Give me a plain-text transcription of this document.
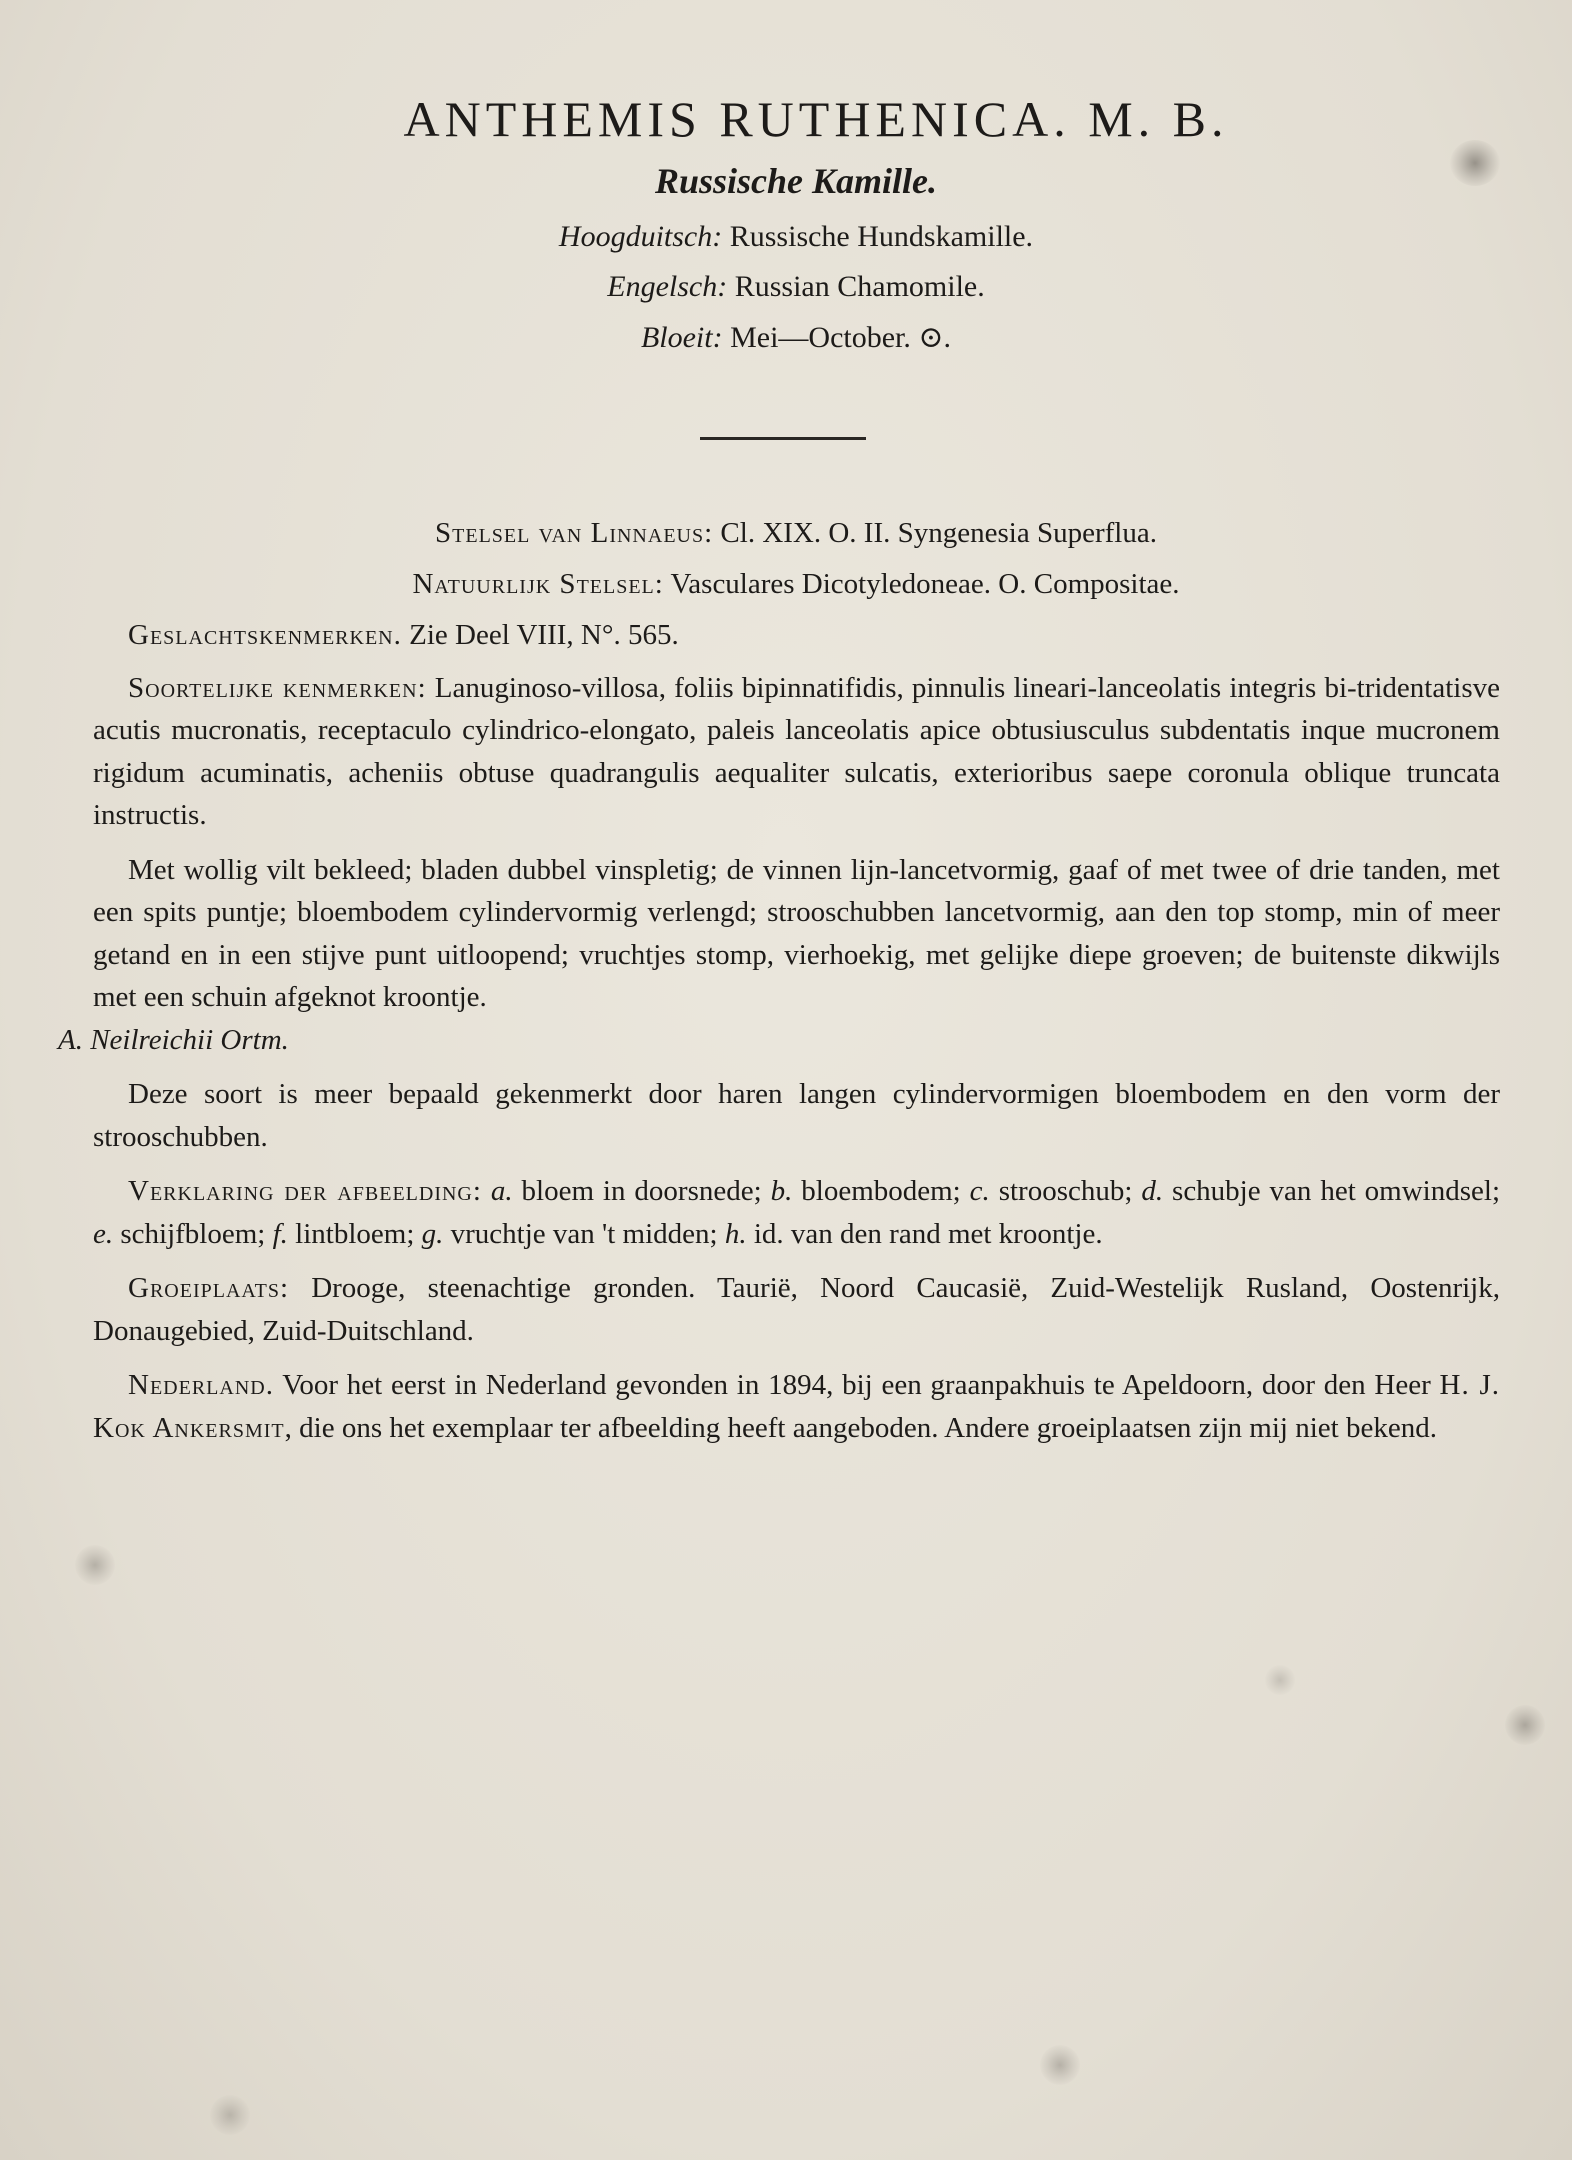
ANTHEMIS RUTHENICA. M. B.
Russische Kamille.
Hoogduitsch: Russische Hundskamille.
Engelsch: Russian Chamomile.
Bloeit: Mei—October. ⊙.
Stelsel van Linnaeus: Cl. XIX. O. II. Syngenesia Superflua.
Natuurlijk Stelsel: Vasculares Dicotyledoneae. O. Compositae.

Geslachtskenmerken. Zie Deel VIII, N°. 565.

Soortelijke kenmerken: Lanuginoso-villosa, foliis bipinnatifidis, pinnulis lineari-lanceolatis integris bi-tridentatisve acutis mucronatis, receptaculo cylindrico-elongato, paleis lanceolatis apice obtusiusculus subdentatis inque mucronem rigidum acuminatis, acheniis obtuse quadrangulis aequaliter sulcatis, exterioribus saepe coronula oblique truncata instructis.

Met wollig vilt bekleed; bladen dubbel vinspletig; de vinnen lijn-lancetvormig, gaaf of met twee of drie tanden, met een spits puntje; bloembodem cylindervormig verlengd; strooschubben lancetvormig, aan den top stomp, min of meer getand en in een stijve punt uitloopend; vruchtjes stomp, vierhoekig, met gelijke diepe groeven; de buitenste dikwijls met een schuin afgeknot kroontje.
A. Neilreichii Ortm.

Deze soort is meer bepaald gekenmerkt door haren langen cylindervormigen bloembodem en den vorm der strooschubben.

Verklaring der afbeelding: a. bloem in doorsnede; b. bloembodem; c. strooschub; d. schubje van het omwindsel; e. schijfbloem; f. lintbloem; g. vruchtje van 't midden; h. id. van den rand met kroontje.

Groeiplaats: Drooge, steenachtige gronden. Taurië, Noord Caucasië, Zuid-Westelijk Rusland, Oostenrijk, Donaugebied, Zuid-Duitschland.

Nederland. Voor het eerst in Nederland gevonden in 1894, bij een graanpakhuis te Apeldoorn, door den Heer H. J. Kok Ankersmit, die ons het exemplaar ter afbeelding heeft aangeboden. Andere groeiplaatsen zijn mij niet bekend.
